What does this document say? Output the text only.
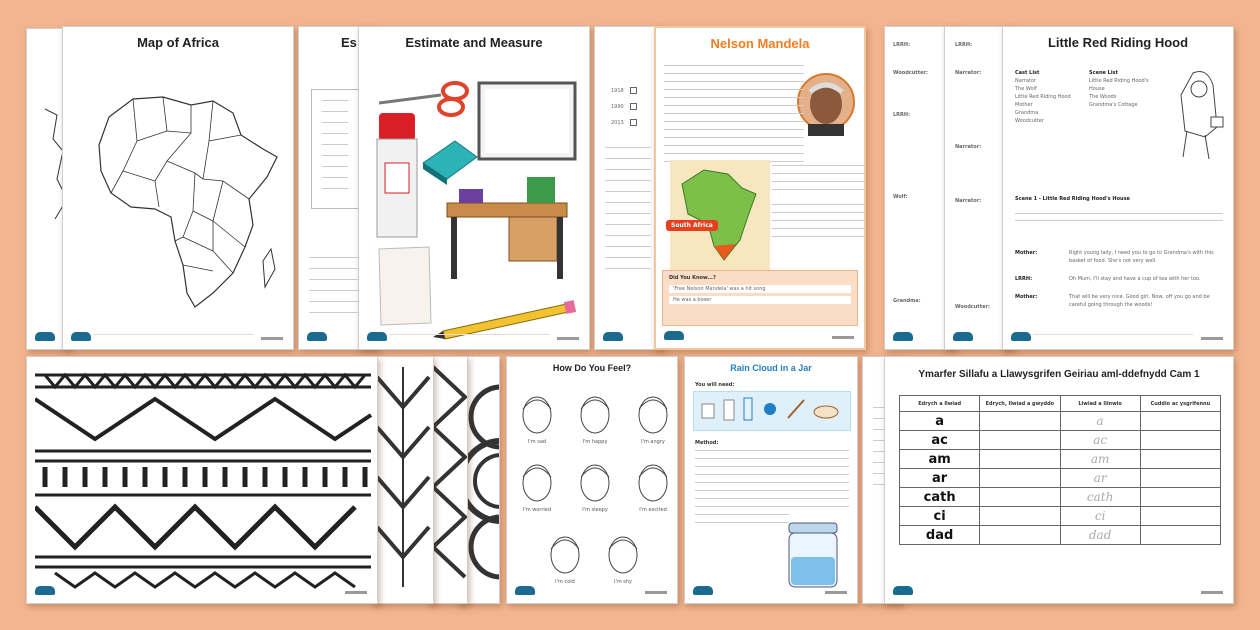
Map of Africa	Es	Estimate and Measure
1918
1990
2013
Nelson Mandela
South Africa
Did You Know...?
'Free Nelson Mandela' was a hit song
He was a boxer
LRRH:
Woodcutter:
LRRH:
Wolf:
Grandma:
LRRH:
Narrator:
Narrator:
Narrator:
Woodcutter:
Little Red Riding Hood
Cast List
Narrator
The Wolf
Little Red Riding Hood
Mother
Grandma
Woodcutter
Scene List
Little Red Riding Hood's House
The Woods
Grandma's Cottage
Scene 1 - Little Red Riding Hood's House
Mother:	Right young lady, I need you to go to Grandma's with this basket of food. She's not very well.
LRRH:	Oh Mum, I'll stay and have a cup of tea with her too.
Mother:	That will be very nice. Good girl. Now, off you go and be careful going through the woods!
How Do You Feel?
I'm sad	I'm happy	I'm angry
I'm worried	I'm sleepy	I'm excited
I'm cold	I'm shy
Rain Cloud in a Jar
You will need:
Method:
Ymarfer Sillafu a Llawysgrifen Geiriau aml-ddefnydd Cam 1
Edrych a llwiad	Edrych, llwiad a gwyddo	Llwiad a llinwlo	Cuddio ac ysgrifennu
a		a	
ac		ac	
am		am	
ar		ar	
cath		cath	
ci		ci	
dad		dad	
